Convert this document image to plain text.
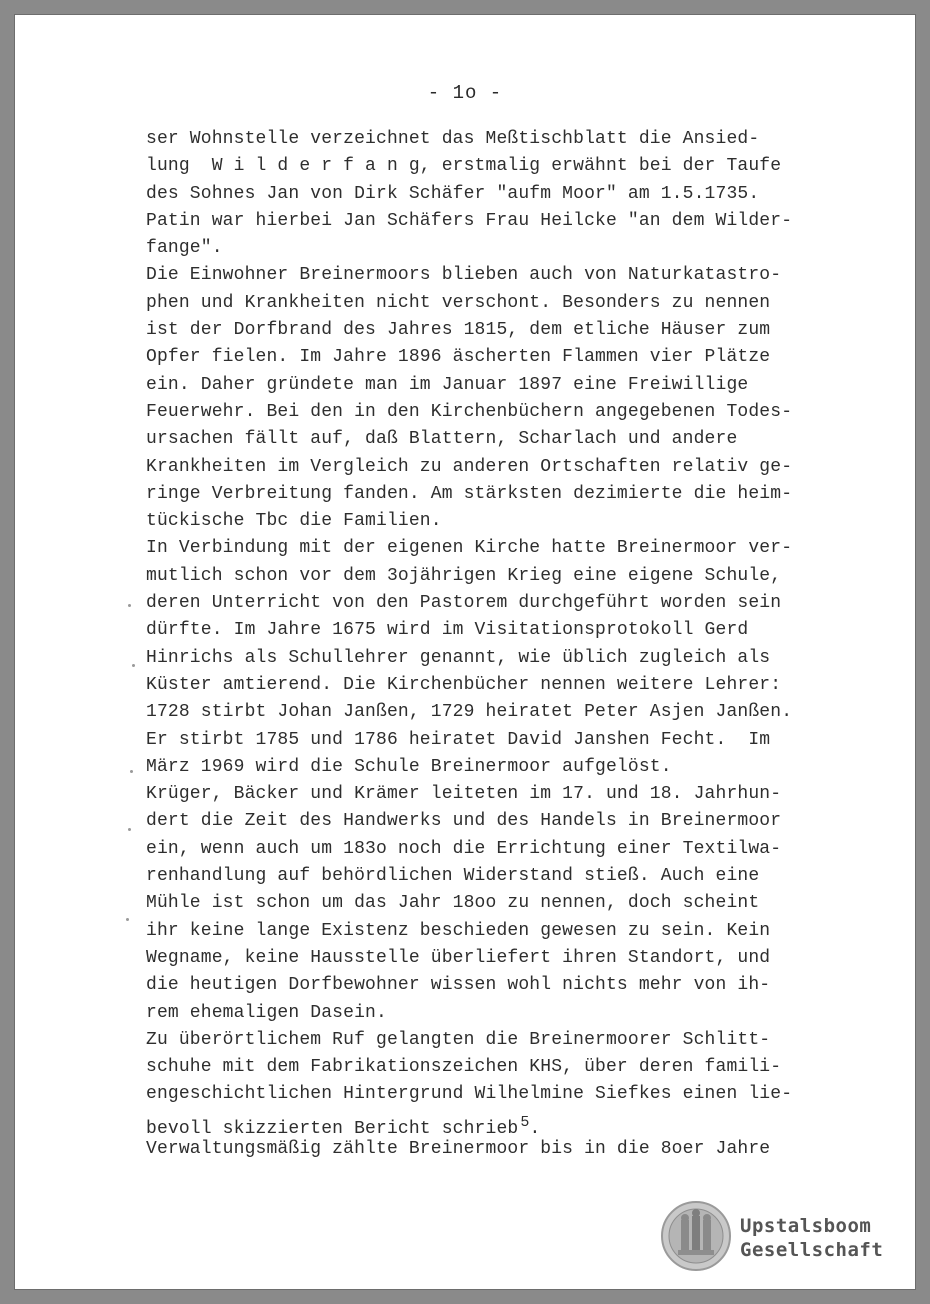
- 1o -
ser Wohnstelle verzeichnet das Meßtischblatt die Ansied-
lung  W i l d e r f a n g, erstmalig erwähnt bei der Taufe
des Sohnes Jan von Dirk Schäfer "aufm Moor" am 1.5.1735.
Patin war hierbei Jan Schäfers Frau Heilcke "an dem Wilder-
fange".
Die Einwohner Breinermoors blieben auch von Naturkatastro-
phen und Krankheiten nicht verschont. Besonders zu nennen
ist der Dorfbrand des Jahres 1815, dem etliche Häuser zum
Opfer fielen. Im Jahre 1896 äscherten Flammen vier Plätze
ein. Daher gründete man im Januar 1897 eine Freiwillige
Feuerwehr. Bei den in den Kirchenbüchern angegebenen Todes-
ursachen fällt auf, daß Blattern, Scharlach und andere
Krankheiten im Vergleich zu anderen Ortschaften relativ ge-
ringe Verbreitung fanden. Am stärksten dezimierte die heim-
tückische Tbc die Familien.
In Verbindung mit der eigenen Kirche hatte Breinermoor ver-
mutlich schon vor dem 3ojährigen Krieg eine eigene Schule,
deren Unterricht von den Pastorem durchgeführt worden sein
dürfte. Im Jahre 1675 wird im Visitationsprotokoll Gerd
Hinrichs als Schullehrer genannt, wie üblich zugleich als
Küster amtierend. Die Kirchenbücher nennen weitere Lehrer:
1728 stirbt Johan Janßen, 1729 heiratet Peter Asjen Janßen.
Er stirbt 1785 und 1786 heiratet David Janshen Fecht.  Im
März 1969 wird die Schule Breinermoor aufgelöst.
Krüger, Bäcker und Krämer leiteten im 17. und 18. Jahrhun-
dert die Zeit des Handwerks und des Handels in Breinermoor
ein, wenn auch um 183o noch die Errichtung einer Textilwa-
renhandlung auf behördlichen Widerstand stieß. Auch eine
Mühle ist schon um das Jahr 18oo zu nennen, doch scheint
ihr keine lange Existenz beschieden gewesen zu sein. Kein
Wegname, keine Hausstelle überliefert ihren Standort, und
die heutigen Dorfbewohner wissen wohl nichts mehr von ih-
rem ehemaligen Dasein.
Zu überörtlichem Ruf gelangten die Breinermoorer Schlitt-
schuhe mit dem Fabrikationszeichen KHS, über deren famili-
engeschichtlichen Hintergrund Wilhelmine Siefkes einen lie-
bevoll skizzierten Bericht schrieb $^5$.
Verwaltungsmäßig zählte Breinermoor bis in die 8oer Jahre
Upstalsboom
Gesellschaft
